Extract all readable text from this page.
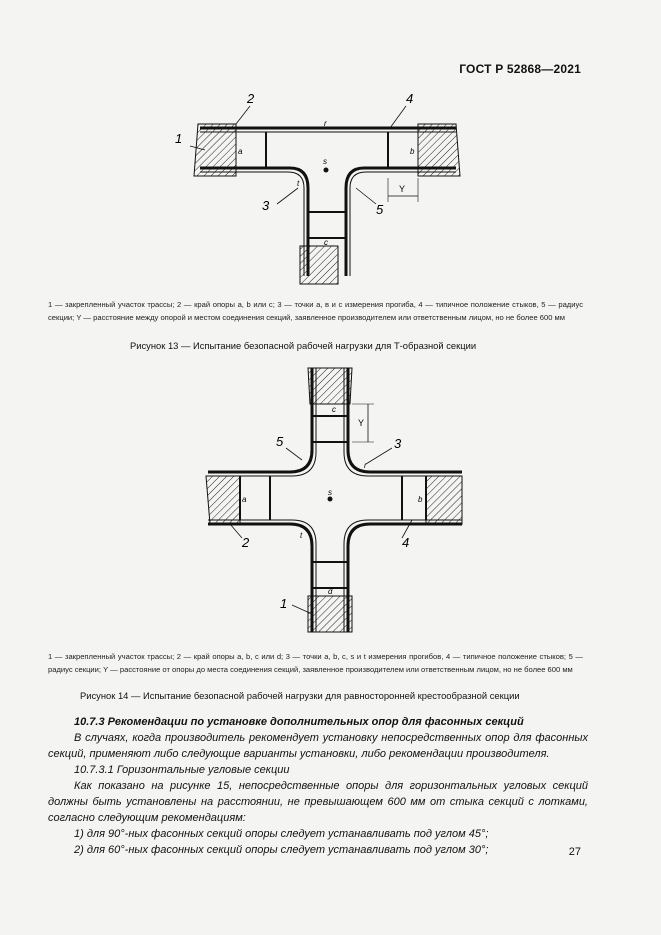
ГОСТ Р 52868—2021
1
2
3
4
5
a	b
c
s
t
r
Y
1 — закрепленный участок трассы; 2 — край опоры a, b или c; 3 — точки a, в и с измерения прогиба, 4 — типичное положение стыков, 5 — радиус секции; Y — расстояние между опорой и местом соединения секций, заявленное производителем или ответственным лицом, но не более 600 мм
Рисунок 13 — Испытание безопасной рабочей нагрузки для Т-образной секции
5	3
2	4
1
c
d
a	b
s
t
r
Y
1 — закрепленный участок трассы; 2 — край опоры a, b, c или d; 3 — точки a, b, c, s и t измерения прогибов, 4 — типичное положение стыков; 5 — радиус секции; Y — расстояние от опоры до места соединения секций, заявленное производителем или ответственным лицом, но не более 600 мм
Рисунок 14 — Испытание безопасной рабочей нагрузки для равносторонней крестообразной секции

10.7.3 Рекомендации по установке дополнительных опор для фасонных секций

В случаях, когда производитель рекомендует установку непосредственных опор для фасонных секций, применяют либо следующие варианты установки, либо рекомендации производителя.

10.7.3.1 Горизонтальные угловые секции

Как показано на рисунке 15, непосредственные опоры для горизонтальных угловых секций должны быть установлены на расстоянии, не превышающем 600 мм от стыка секций с лотками, согласно следующим рекомендациям:

1) для 90°-ных фасонных секций опоры следует устанавливать под углом 45°;

2) для 60°-ных фасонных секций опоры следует устанавливать под углом 30°;	27
